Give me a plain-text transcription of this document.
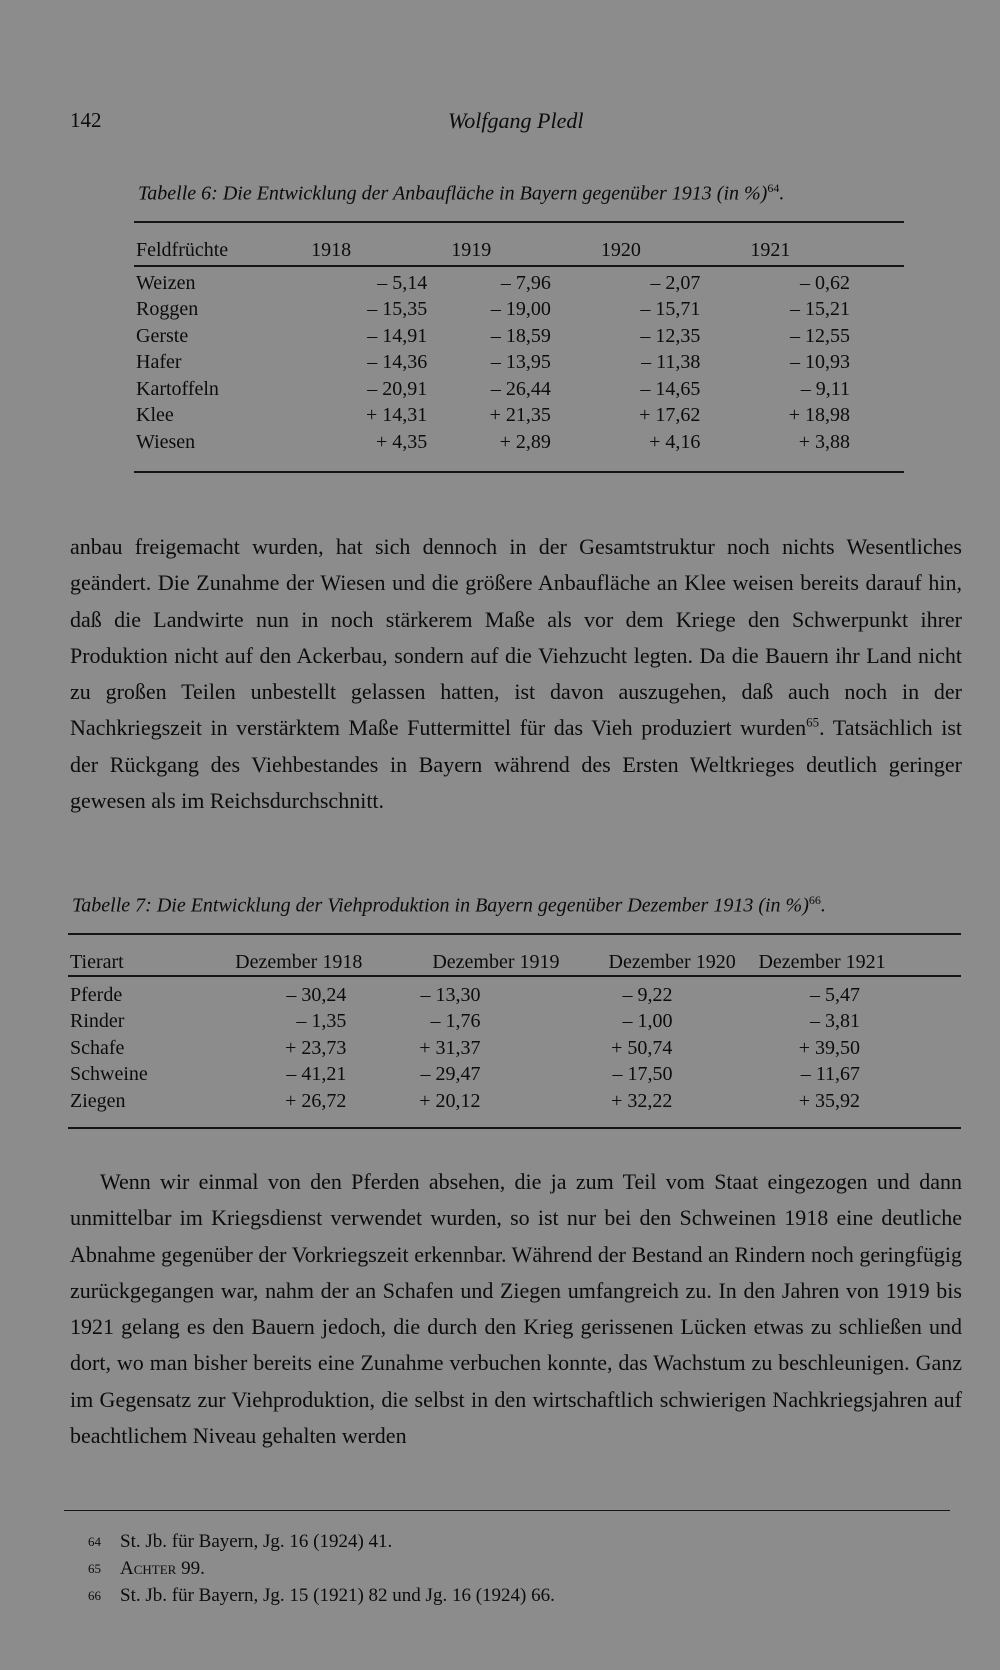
142	Wolfgang Pledl
Tabelle 6: Die Entwicklung der Anbaufläche in Bayern gegenüber 1913 (in %)$^{64}$.
Feldfrüchte	1918	1919	1920	1921
Weizen	– 5,14	– 7,96	– 2,07	– 0,62
Roggen	– 15,35	– 19,00	– 15,71	– 15,21
Gerste	– 14,91	– 18,59	– 12,35	– 12,55
Hafer	– 14,36	– 13,95	– 11,38	– 10,93
Kartoffeln	– 20,91	– 26,44	– 14,65	– 9,11
Klee	+ 14,31	+ 21,35	+ 17,62	+ 18,98
Wiesen	+ 4,35	+ 2,89	+ 4,16	+ 3,88
anbau freigemacht wurden, hat sich dennoch in der Gesamtstruktur noch nichts Wesentliches geändert. Die Zunahme der Wiesen und die größere Anbaufläche an Klee weisen bereits darauf hin, daß die Landwirte nun in noch stärkerem Maße als vor dem Kriege den Schwerpunkt ihrer Produktion nicht auf den Ackerbau, sondern auf die Viehzucht legten. Da die Bauern ihr Land nicht zu großen Teilen unbestellt gelassen hatten, ist davon auszugehen, daß auch noch in der Nachkriegszeit in verstärktem Maße Futtermittel für das Vieh produziert wurden$^{65}$. Tatsächlich ist der Rückgang des Viehbestandes in Bayern während des Ersten Weltkrieges deutlich geringer gewesen als im Reichsdurchschnitt.
Tabelle 7: Die Entwicklung der Viehproduktion in Bayern gegenüber Dezember 1913 (in %)$^{66}$.
Tierart	Dezember 1918	Dezember 1919	Dezember 1920	Dezember 1921
Pferde	– 30,24	– 13,30	– 9,22	– 5,47
Rinder	– 1,35	– 1,76	– 1,00	– 3,81
Schafe	+ 23,73	+ 31,37	+ 50,74	+ 39,50
Schweine	– 41,21	– 29,47	– 17,50	– 11,67
Ziegen	+ 26,72	+ 20,12	+ 32,22	+ 35,92
Wenn wir einmal von den Pferden absehen, die ja zum Teil vom Staat eingezogen und dann unmittelbar im Kriegsdienst verwendet wurden, so ist nur bei den Schweinen 1918 eine deutliche Abnahme gegenüber der Vorkriegszeit erkennbar. Während der Bestand an Rindern noch geringfügig zurückgegangen war, nahm der an Schafen und Ziegen umfangreich zu. In den Jahren von 1919 bis 1921 gelang es den Bauern jedoch, die durch den Krieg gerissenen Lücken etwas zu schließen und dort, wo man bisher bereits eine Zunahme verbuchen konnte, das Wachstum zu beschleunigen. Ganz im Gegensatz zur Viehproduktion, die selbst in den wirtschaftlich schwierigen Nachkriegsjahren auf beachtlichem Niveau gehalten werden
64 St. Jb. für Bayern, Jg. 16 (1924) 41.
65 Achter 99.
66 St. Jb. für Bayern, Jg. 15 (1921) 82 und Jg. 16 (1924) 66.
